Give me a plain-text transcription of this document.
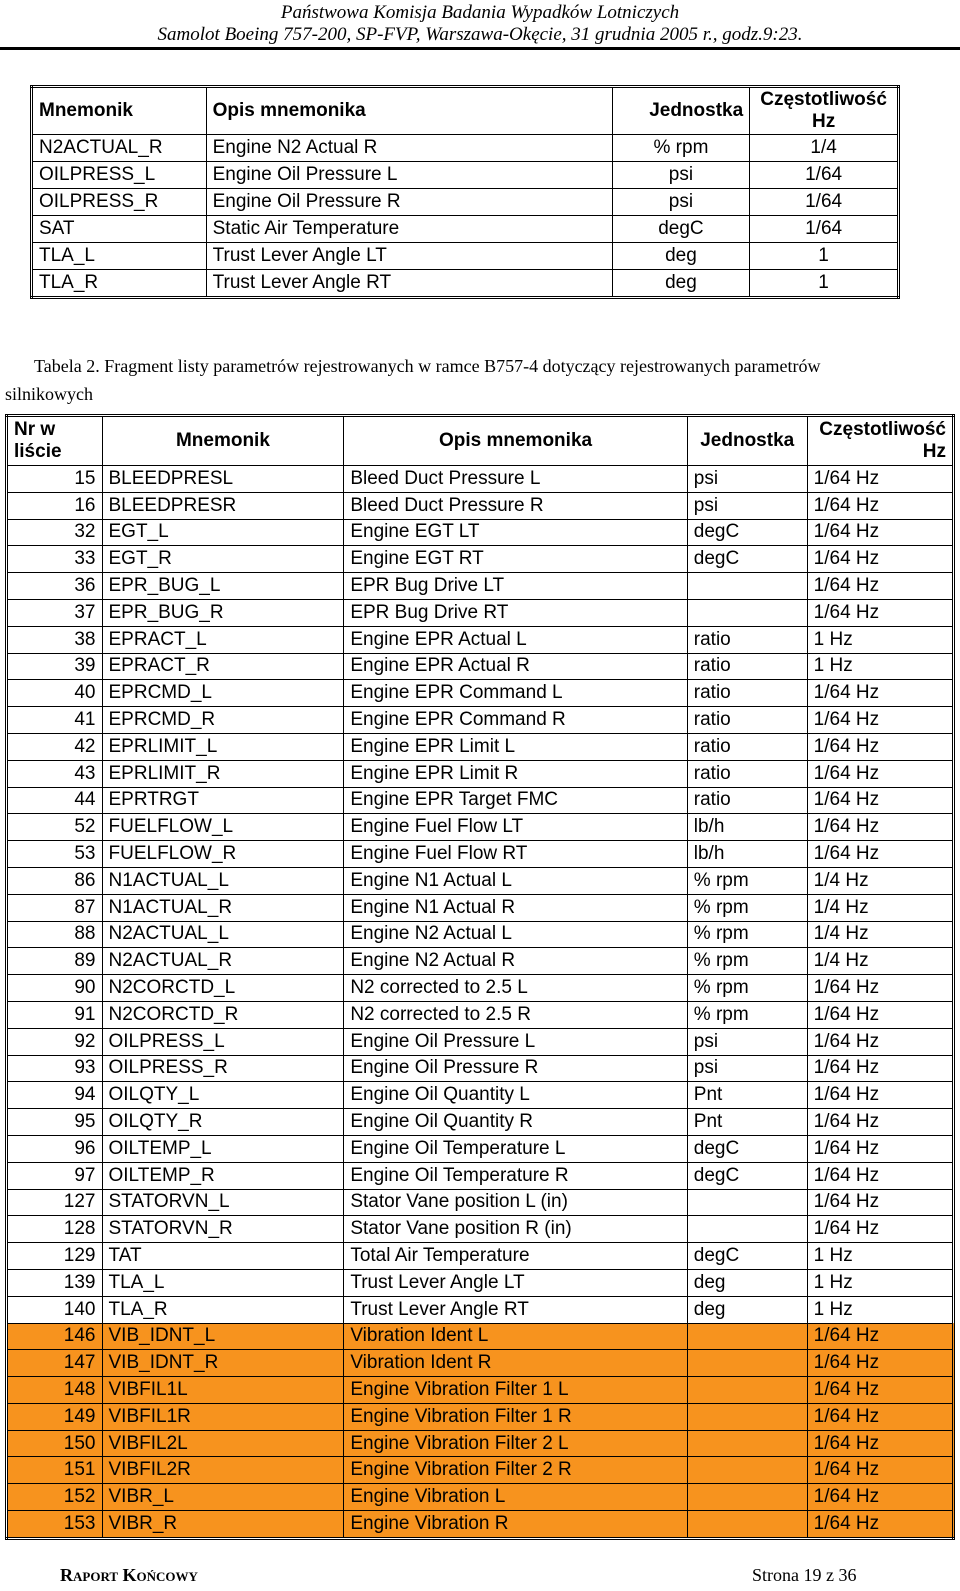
Państwowa Komisja Badania Wypadków Lotniczych
Samolot Boeing 757-200, SP-FVP, Warszawa-Okęcie, 31 grudnia 2005 r., godz.9:23.
Mnemonik	Opis mnemonika	Jednostka	Częstotliwość Hz
N2ACTUAL_R	Engine N2 Actual R	% rpm	1/4
OILPRESS_L	Engine Oil Pressure L	psi	1/64
OILPRESS_R	Engine Oil Pressure R	psi	1/64
SAT	Static Air Temperature	degC	1/64
TLA_L	Trust Lever Angle LT	deg	1
TLA_R	Trust Lever Angle RT	deg	1
Tabela 2. Fragment listy parametrów rejestrowanych w ramce B757-4 dotyczący rejestrowanych parametrów
silnikowych
Nr w liście	Mnemonik	Opis mnemonika	Jednostka	Częstotliwość Hz
15	BLEEDPRESL	Bleed Duct Pressure L	psi	1/64 Hz
16	BLEEDPRESR	Bleed Duct Pressure R	psi	1/64 Hz
32	EGT_L	Engine EGT LT	degC	1/64 Hz
33	EGT_R	Engine EGT RT	degC	1/64 Hz
36	EPR_BUG_L	EPR Bug Drive LT		1/64 Hz
37	EPR_BUG_R	EPR Bug Drive RT		1/64 Hz
38	EPRACT_L	Engine EPR Actual L	ratio	1 Hz
39	EPRACT_R	Engine EPR Actual R	ratio	1 Hz
40	EPRCMD_L	Engine EPR Command L	ratio	1/64 Hz
41	EPRCMD_R	Engine EPR Command R	ratio	1/64 Hz
42	EPRLIMIT_L	Engine EPR Limit L	ratio	1/64 Hz
43	EPRLIMIT_R	Engine EPR Limit R	ratio	1/64 Hz
44	EPRTRGT	Engine EPR Target FMC	ratio	1/64 Hz
52	FUELFLOW_L	Engine Fuel Flow LT	lb/h	1/64 Hz
53	FUELFLOW_R	Engine Fuel Flow RT	lb/h	1/64 Hz
86	N1ACTUAL_L	Engine N1 Actual L	% rpm	1/4 Hz
87	N1ACTUAL_R	Engine N1 Actual R	% rpm	1/4 Hz
88	N2ACTUAL_L	Engine N2 Actual L	% rpm	1/4 Hz
89	N2ACTUAL_R	Engine N2 Actual R	% rpm	1/4 Hz
90	N2CORCTD_L	N2 corrected to 2.5 L	% rpm	1/64 Hz
91	N2CORCTD_R	N2 corrected to 2.5 R	% rpm	1/64 Hz
92	OILPRESS_L	Engine Oil Pressure L	psi	1/64 Hz
93	OILPRESS_R	Engine Oil Pressure R	psi	1/64 Hz
94	OILQTY_L	Engine Oil Quantity L	Pnt	1/64 Hz
95	OILQTY_R	Engine Oil Quantity R	Pnt	1/64 Hz
96	OILTEMP_L	Engine Oil Temperature L	degC	1/64 Hz
97	OILTEMP_R	Engine Oil Temperature R	degC	1/64 Hz
127	STATORVN_L	Stator Vane position L (in)		1/64 Hz
128	STATORVN_R	Stator Vane position R (in)		1/64 Hz
129	TAT	Total Air Temperature	degC	1 Hz
139	TLA_L	Trust Lever Angle LT	deg	1 Hz
140	TLA_R	Trust Lever Angle RT	deg	1 Hz
146	VIB_IDNT_L	Vibration Ident L		1/64 Hz
147	VIB_IDNT_R	Vibration Ident R		1/64 Hz
148	VIBFIL1L	Engine Vibration Filter 1 L		1/64 Hz
149	VIBFIL1R	Engine Vibration Filter 1 R		1/64 Hz
150	VIBFIL2L	Engine Vibration Filter 2 L		1/64 Hz
151	VIBFIL2R	Engine Vibration Filter 2 R		1/64 Hz
152	VIBR_L	Engine Vibration L		1/64 Hz
153	VIBR_R	Engine Vibration R		1/64 Hz
Raport Końcowy	Strona 19 z 36
